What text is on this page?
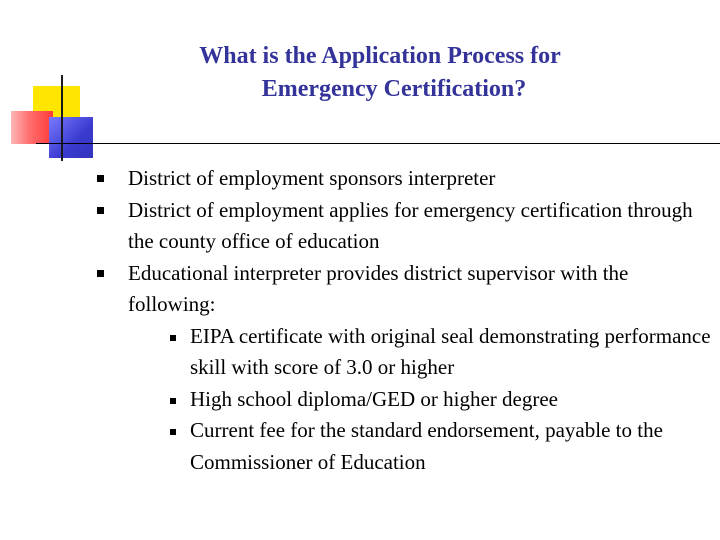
What is the Application Process for
Emergency Certification?
District of employment sponsors interpreter
District of employment applies for emergency certification through the county office of education
Educational interpreter provides district supervisor with the following:
EIPA certificate with original seal demonstrating performance skill with score of 3.0 or higher
High school diploma/GED or higher degree
Current fee for the standard endorsement, payable to the Commissioner of Education
